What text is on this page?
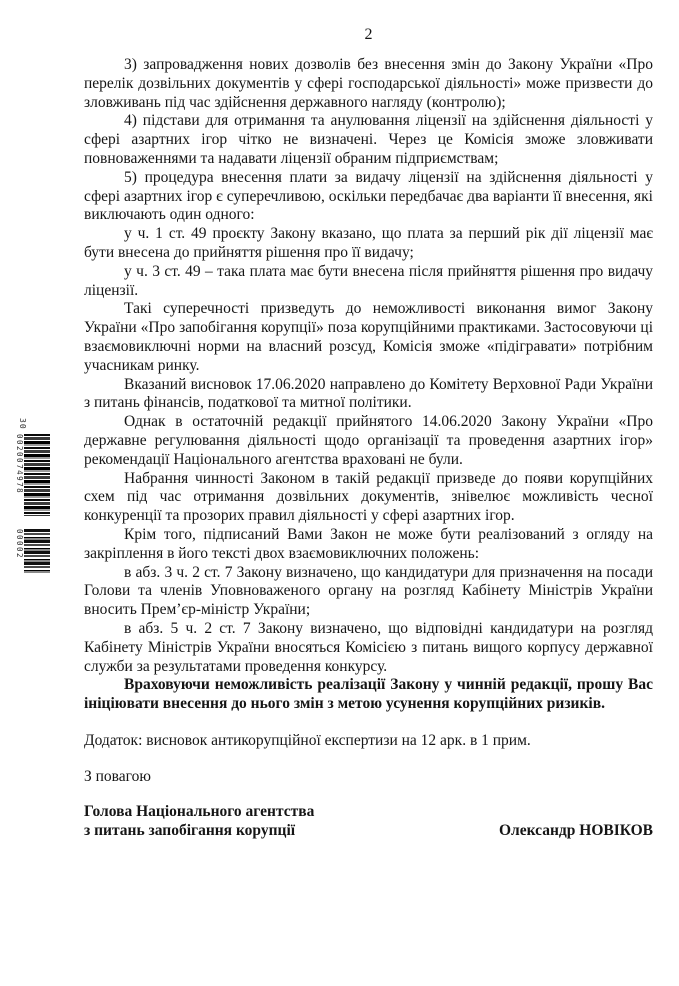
2

3) запровадження нових дозволів без внесення змін до Закону України «Про перелік дозвільних документів у сфері господарської діяльності» може призвести до зловживань під час здійснення державного нагляду (контролю);

4) підстави для отримання та анулювання ліцензії на здійснення діяльності у сфері азартних ігор чітко не визначені. Через це Комісія зможе зловживати повноваженнями та надавати ліцензії обраним підприємствам;

5) процедура внесення плати за видачу ліцензії на здійснення діяльності у сфері азартних ігор є суперечливою, оскільки передбачає два варіанти її внесення, які виключають один одного:

у ч. 1 ст. 49 проєкту Закону вказано, що плата за перший рік дії ліцензії має бути внесена до прийняття рішення про її видачу;

у ч. 3 ст. 49 – така плата має бути внесена після прийняття рішення про видачу ліцензії.

Такі суперечності призведуть до неможливості виконання вимог Закону України «Про запобігання корупції» поза корупційними практиками. Застосовуючи ці взаємовиключні норми на власний розсуд, Комісія зможе «підігравати» потрібним учасникам ринку.

Вказаний висновок 17.06.2020 направлено до Комітету Верховної Ради України з питань фінансів, податкової та митної політики.

Однак в остаточній редакції прийнятого 14.06.2020 Закону України «Про державне регулювання діяльності щодо організації та проведення азартних ігор» рекомендації Національного агентства враховані не були.

Набрання чинності Законом в такій редакції призведе до появи корупційних схем під час отримання дозвільних документів, знівелює можливість чесної конкуренції та прозорих правил діяльності у сфері азартних ігор.

Крім того, підписаний Вами Закон не може бути реалізований з огляду на закріплення в його тексті двох взаємовиключних положень:

в абз. 3 ч. 2 ст. 7 Закону визначено, що кандидатури для призначення на посади Голови та членів Уповноваженого органу на розгляд Кабінету Міністрів України вносить Прем’єр-міністр України;

в абз. 5 ч. 2 ст. 7 Закону визначено, що відповідні кандидатури на розгляд Кабінету Міністрів України вносяться Комісією з питань вищого корпусу державної служби за результатами проведення конкурсу.

Враховуючи неможливість реалізації Закону у чинній редакції, прошу Вас ініціювати внесення до нього змін з метою усунення корупційних ризиків.

Додаток: висновок антикорупційної експертизи на 12 арк. в 1 прим.
З повагою
Голова Національного агентства
з питань запобігання корупції	Олександр НОВІКОВ
30
0020074978
00002
